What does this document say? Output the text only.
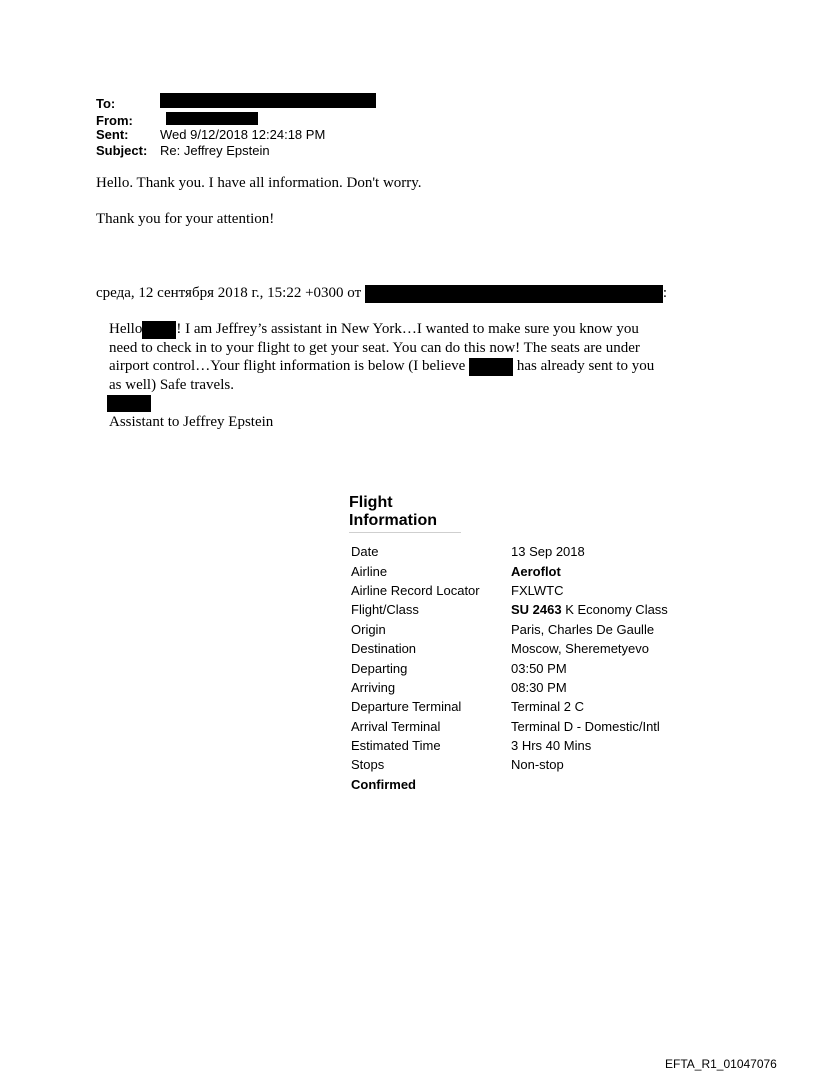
To:
From:
Sent:	Wed 9/12/2018 12:24:18 PM
Subject: Re: Jeffrey Epstein
Hello. Thank you. I have all information. Don't worry.
Thank you for your attention!
среда, 12 сентября 2018 г., 15:22 +0300 от	:
Hello ! I am Jeffrey’s assistant in New York…I wanted to make sure you know you
need to check in to your flight to get your seat. You can do this now! The seats are under
airport control…Your flight information is below (I believe	has already sent to you
as well) Safe travels.
Assistant to Jeffrey Epstein
Flight Information
Date	13 Sep 2018
Airline	Aeroflot
Airline Record Locator	FXLWTC
Flight/Class	SU 2463 K Economy Class
Origin	Paris, Charles De Gaulle
Destination	Moscow, Sheremetyevo
Departing	03:50 PM
Arriving	08:30 PM
Departure Terminal	Terminal 2 C
Arrival Terminal	Terminal D - Domestic/Intl
Estimated Time	3 Hrs 40 Mins
Stops	Non-stop
Confirmed
EFTA_R1_01047076
